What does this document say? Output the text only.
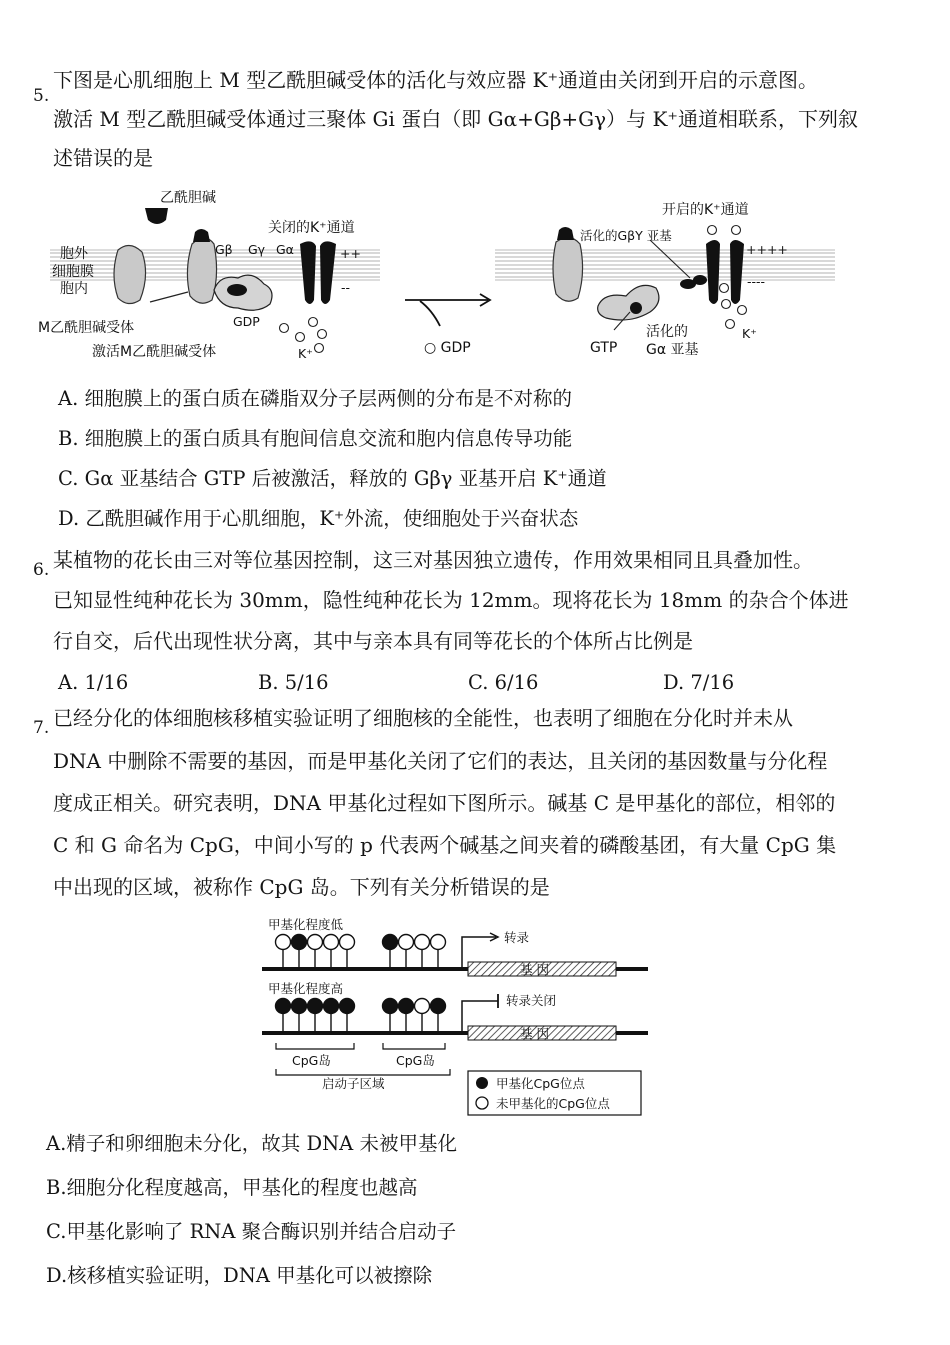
5.
下图是心肌细胞上 M 型乙酰胆碱受体的活化与效应器 K⁺通道由关闭到开启的示意图。
激活 M 型乙酰胆碱受体通过三聚体 Gi 蛋白（即 Gα+Gβ+Gγ）与 K⁺通道相联系，下列叙
述错误的是
乙酰胆碱
胞外
细胞膜
胞内
Gβ Gγ Gα
GDP
K⁺
关闭的K⁺通道
++
--
M乙酰胆碱受体
激活M乙酰胆碱受体	○ GDP	GTP
活化的
Gα 亚基
活化的GβY 亚基
开启的K⁺通道
++++
----
K⁺
A. 细胞膜上的蛋白质在磷脂双分子层两侧的分布是不对称的
B. 细胞膜上的蛋白质具有胞间信息交流和胞内信息传导功能
C. Gα 亚基结合 GTP 后被激活，释放的 Gβγ 亚基开启 K⁺通道
D. 乙酰胆碱作用于心肌细胞，K⁺外流，使细胞处于兴奋状态
6. 某植物的花长由三对等位基因控制，这三对基因独立遗传，作用效果相同且具叠加性。
已知显性纯种花长为 30mm，隐性纯种花长为 12mm。现将花长为 18mm 的杂合个体进
行自交，后代出现性状分离，其中与亲本具有同等花长的个体所占比例是
A. 1/16	B. 5/16	C. 6/16	D. 7/16
7. 已经分化的体细胞核移植实验证明了细胞核的全能性，也表明了细胞在分化时并未从
DNA 中删除不需要的基因，而是甲基化关闭了它们的表达，且关闭的基因数量与分化程
度成正相关。研究表明，DNA 甲基化过程如下图所示。碱基 C 是甲基化的部位，相邻的
C 和 G 命名为 CpG，中间小写的 p 代表两个碱基之间夹着的磷酸基团，有大量 CpG 集
中出现的区域，被称作 CpG 岛。下列有关分析错误的是
甲基化程度低
转录
基 因
甲基化程度高
转录关闭
基 因
CpG岛	CpG岛
启动子区域	甲基化CpG位点
未甲基化的CpG位点
A.精子和卵细胞未分化，故其 DNA 未被甲基化
B.细胞分化程度越高，甲基化的程度也越高
C.甲基化影响了 RNA 聚合酶识别并结合启动子
D.核移植实验证明，DNA 甲基化可以被擦除
